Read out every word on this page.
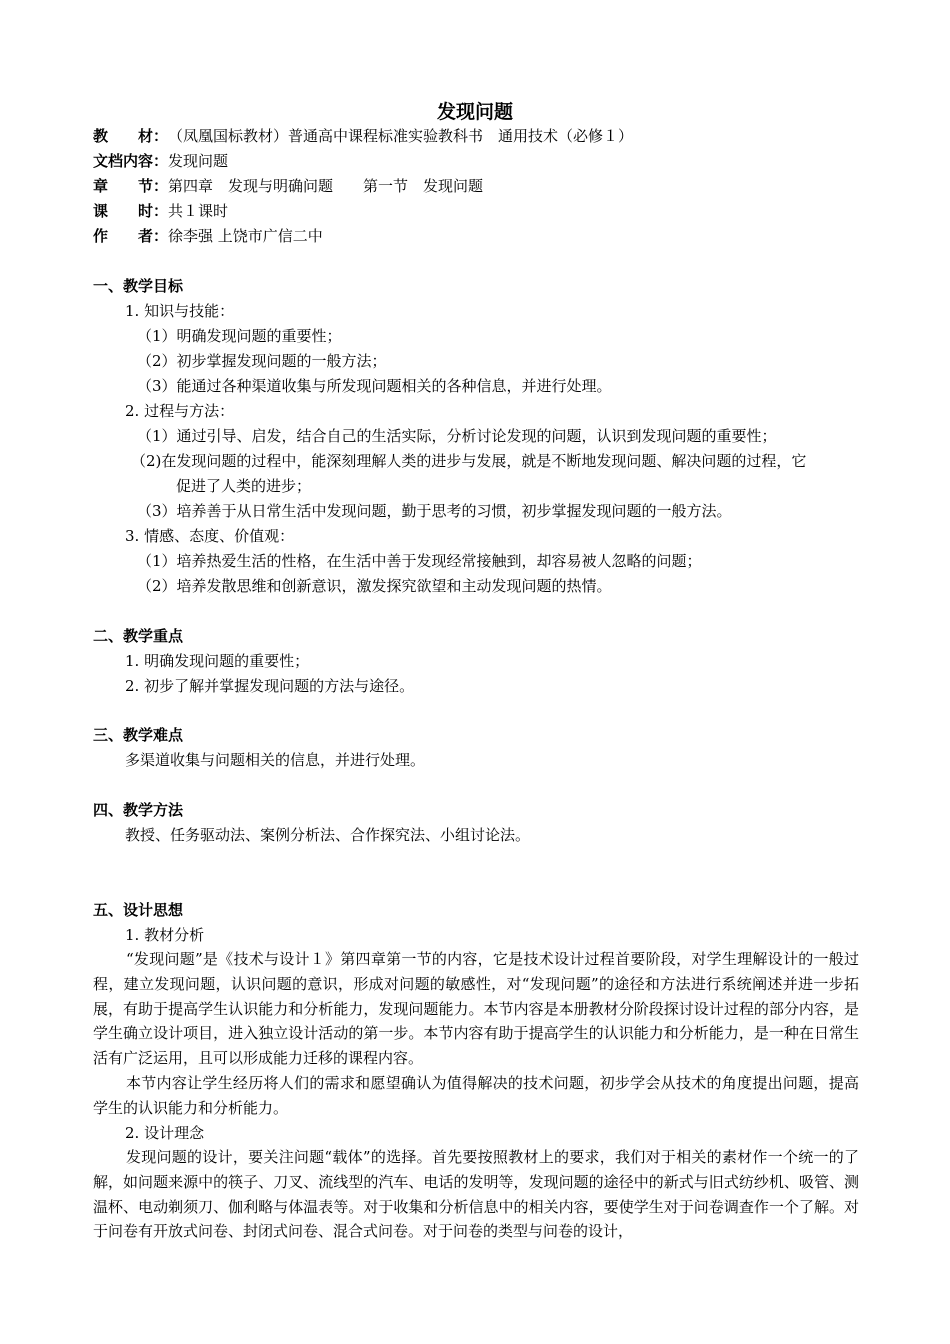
发现问题
教　　材：（凤凰国标教材）普通高中课程标准实验教科书　通用技术（必修１）
文档内容：发现问题
章　　节：第四章　发现与明确问题　　第一节　发现问题
课　　时：共１课时
作　　者：徐李强 上饶市广信二中
一、教学目标
1. 知识与技能：
（1）明确发现问题的重要性；
（2）初步掌握发现问题的一般方法；
（3）能通过各种渠道收集与所发现问题相关的各种信息，并进行处理。
2. 过程与方法：
（1）通过引导、启发，结合自己的生活实际，分析讨论发现的问题，认识到发现问题的重要性；
（2)在发现问题的过程中，能深刻理解人类的进步与发展，就是不断地发现问题、解决问题的过程，它
促进了人类的进步；
（3）培养善于从日常生活中发现问题，勤于思考的习惯，初步掌握发现问题的一般方法。
3. 情感、态度、价值观：
（1）培养热爱生活的性格，在生活中善于发现经常接触到，却容易被人忽略的问题；
（2）培养发散思维和创新意识，激发探究欲望和主动发现问题的热情。
二、教学重点
1. 明确发现问题的重要性；
2. 初步了解并掌握发现问题的方法与途径。
三、教学难点
多渠道收集与问题相关的信息，并进行处理。
四、教学方法
教授、任务驱动法、案例分析法、合作探究法、小组讨论法。
五、设计思想
1. 教材分析
“发现问题”是《技术与设计１》第四章第一节的内容，它是技术设计过程首要阶段，对学生理解设计的一般过程，建立发现问题，认识问题的意识，形成对问题的敏感性，对“发现问题”的途径和方法进行系统阐述并进一步拓展，有助于提高学生认识能力和分析能力，发现问题能力。本节内容是本册教材分阶段探讨设计过程的部分内容，是学生确立设计项目，进入独立设计活动的第一步。本节内容有助于提高学生的认识能力和分析能力，是一种在日常生活有广泛运用，且可以形成能力迁移的课程内容。
本节内容让学生经历将人们的需求和愿望确认为值得解决的技术问题，初步学会从技术的角度提出问题，提高学生的认识能力和分析能力。
2. 设计理念
发现问题的设计，要关注问题“载体”的选择。首先要按照教材上的要求，我们对于相关的素材作一个统一的了解，如问题来源中的筷子、刀叉、流线型的汽车、电话的发明等，发现问题的途径中的新式与旧式纺纱机、吸管、测温杯、电动剃须刀、伽利略与体温表等。对于收集和分析信息中的相关内容，要使学生对于问卷调查作一个了解。对于问卷有开放式问卷、封闭式问卷、混合式问卷。对于问卷的类型与问卷的设计，
